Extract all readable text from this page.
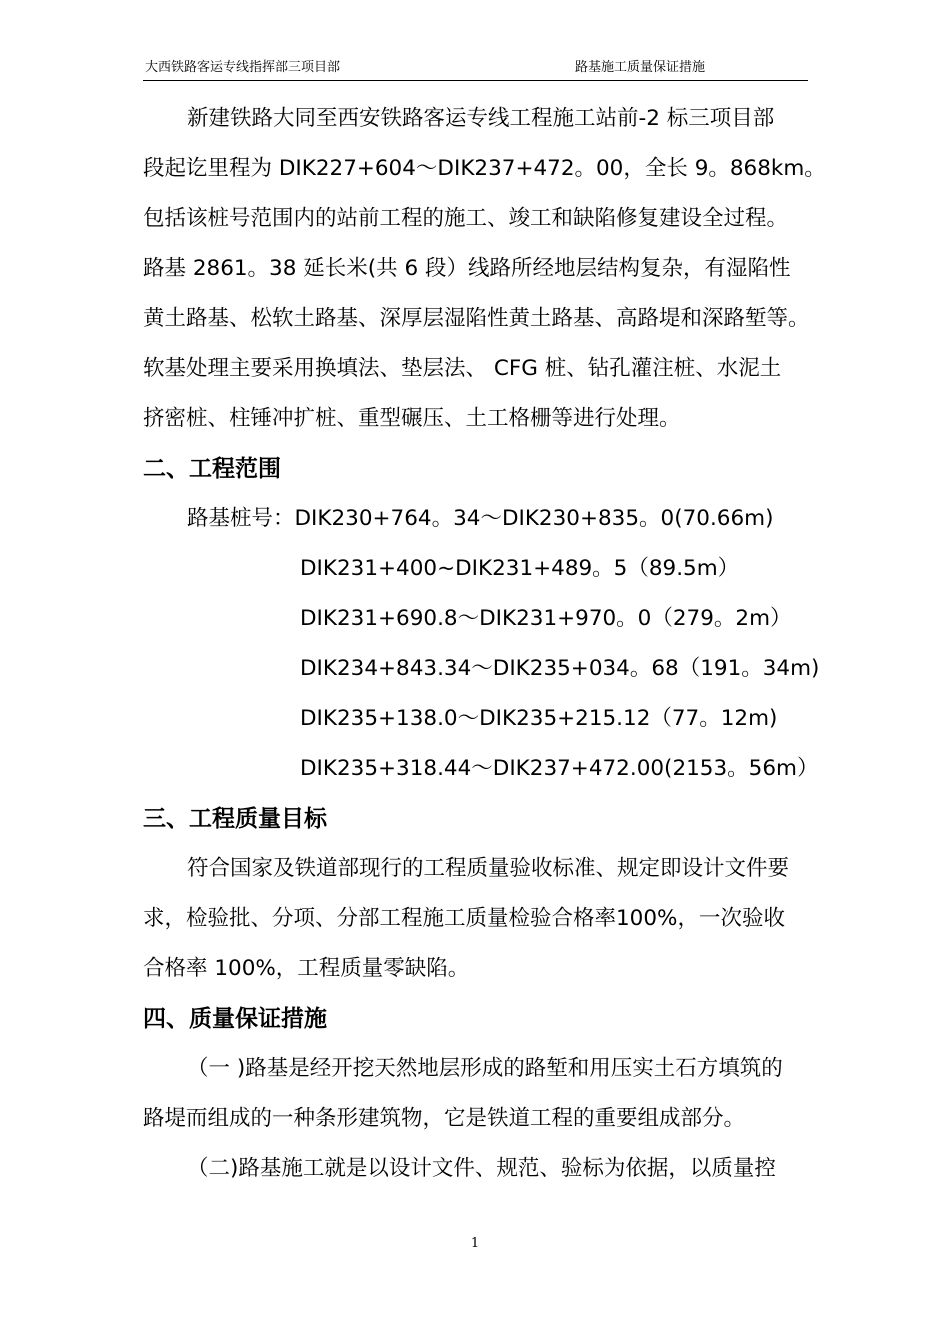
大西铁路客运专线指挥部三项目部	路基施工质量保证措施
新建铁路大同至西安铁路客运专线工程施工站前-2 标三项目部
段起讫里程为 DIK227+604～DIK237+472。00，全长 9。868km。
包括该桩号范围内的站前工程的施工、竣工和缺陷修复建设全过程。
路基 2861。38 延长米(共 6 段）线路所经地层结构复杂，有湿陷性
黄土路基、松软土路基、深厚层湿陷性黄土路基、高路堤和深路堑等。
软基处理主要采用换填法、垫层法、 CFG 桩、钻孔灌注桩、水泥土
挤密桩、柱锤冲扩桩、重型碾压、土工格栅等进行处理。
二、工程范围
路基桩号：DIK230+764。34～DIK230+835。0(70.66m)
DIK231+400~DIK231+489。5（89.5m）
DIK231+690.8～DIK231+970。0（279。2m）
DIK234+843.34～DIK235+034。68（191。34m)
DIK235+138.0～DIK235+215.12（77。12m)
DIK235+318.44～DIK237+472.00(2153。56m）
三、工程质量目标
符合国家及铁道部现行的工程质量验收标准、规定即设计文件要
求，检验批、分项、分部工程施工质量检验合格率100%，一次验收
合格率 100%，工程质量零缺陷。
四、质量保证措施
（一 )路基是经开挖天然地层形成的路堑和用压实土石方填筑的
路堤而组成的一种条形建筑物，它是铁道工程的重要组成部分。
（二)路基施工就是以设计文件、规范、验标为依据，以质量控
1
